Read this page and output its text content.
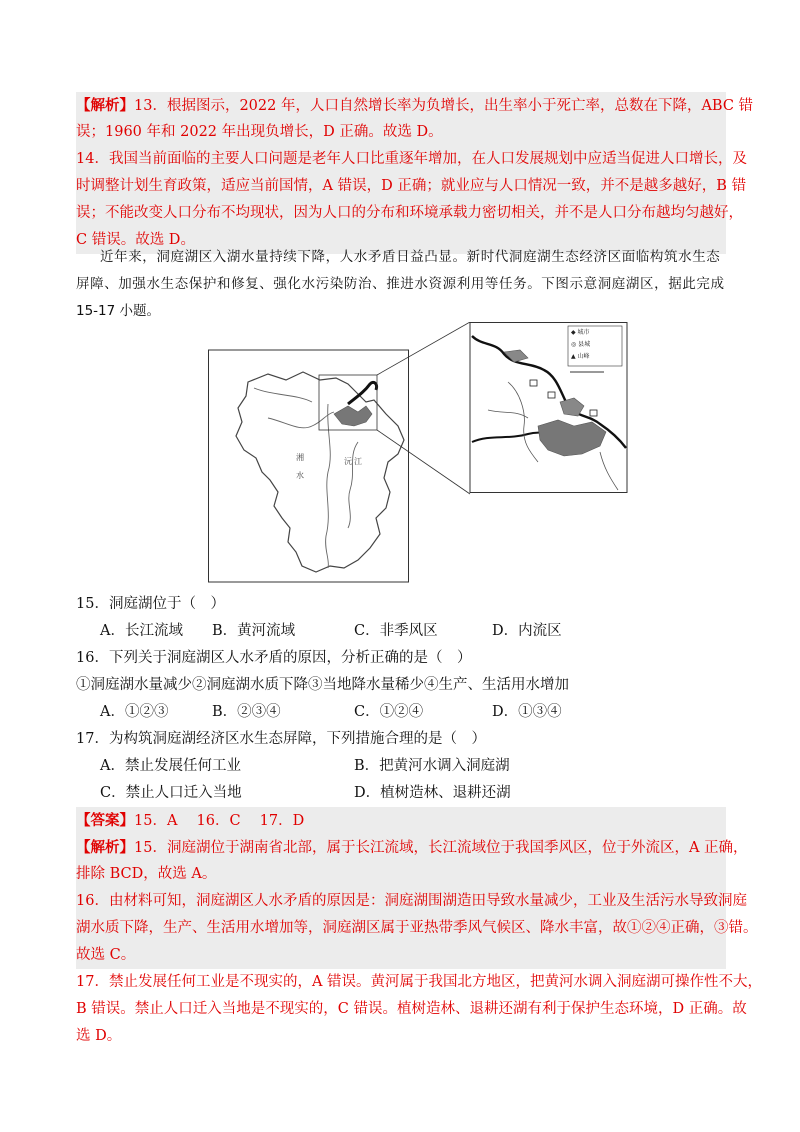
【解析】13．根据图示，2022 年，人口自然增长率为负增长，出生率小于死亡率，总数在下降，ABC 错
误；1960 年和 2022 年出现负增长，D 正确。故选 D。
14．我国当前面临的主要人口问题是老年人口比重逐年增加，在人口发展规划中应适当促进人口增长，及
时调整计划生育政策，适应当前国情，A 错误，D 正确；就业应与人口情况一致，并不是越多越好，B 错
误；不能改变人口分布不均现状，因为人口的分布和环境承载力密切相关，并不是人口分布越均匀越好，
C 错误。故选 D。
近年来，洞庭湖区入湖水量持续下降，人水矛盾日益凸显。新时代洞庭湖生态经济区面临构筑水生态
屏障、加强水生态保护和修复、强化水污染防治、推进水资源利用等任务。下图示意洞庭湖区，据此完成
15-17 小题。
湘
水
沅 江
◆ 城市
◎ 县城
▲ 山峰
15．洞庭湖位于（　）
A．长江流域 B．黄河流域	C．非季风区	D．内流区
16．下列关于洞庭湖区人水矛盾的原因，分析正确的是（　）
①洞庭湖水量减少②洞庭湖水质下降③当地降水量稀少④生产、生活用水增加
A．①②③	B．②③④	C．①②④	D．①③④
17．为构筑洞庭湖经济区水生态屏障，下列措施合理的是（　）
A．禁止发展任何工业	B．把黄河水调入洞庭湖
C．禁止人口迁入当地	D．植树造林、退耕还湖
【答案】15．A　 16．C　 17．D
【解析】15．洞庭湖位于湖南省北部，属于长江流域，长江流域位于我国季风区，位于外流区，A 正确，
排除 BCD，故选 A。
16．由材料可知，洞庭湖区人水矛盾的原因是：洞庭湖围湖造田导致水量减少，工业及生活污水导致洞庭
湖水质下降，生产、生活用水增加等，洞庭湖区属于亚热带季风气候区、降水丰富，故①②④正确，③错。
故选 C。
17．禁止发展任何工业是不现实的，A 错误。黄河属于我国北方地区，把黄河水调入洞庭湖可操作性不大，
B 错误。禁止人口迁入当地是不现实的，C 错误。植树造林、退耕还湖有利于保护生态环境，D 正确。故
选 D。
